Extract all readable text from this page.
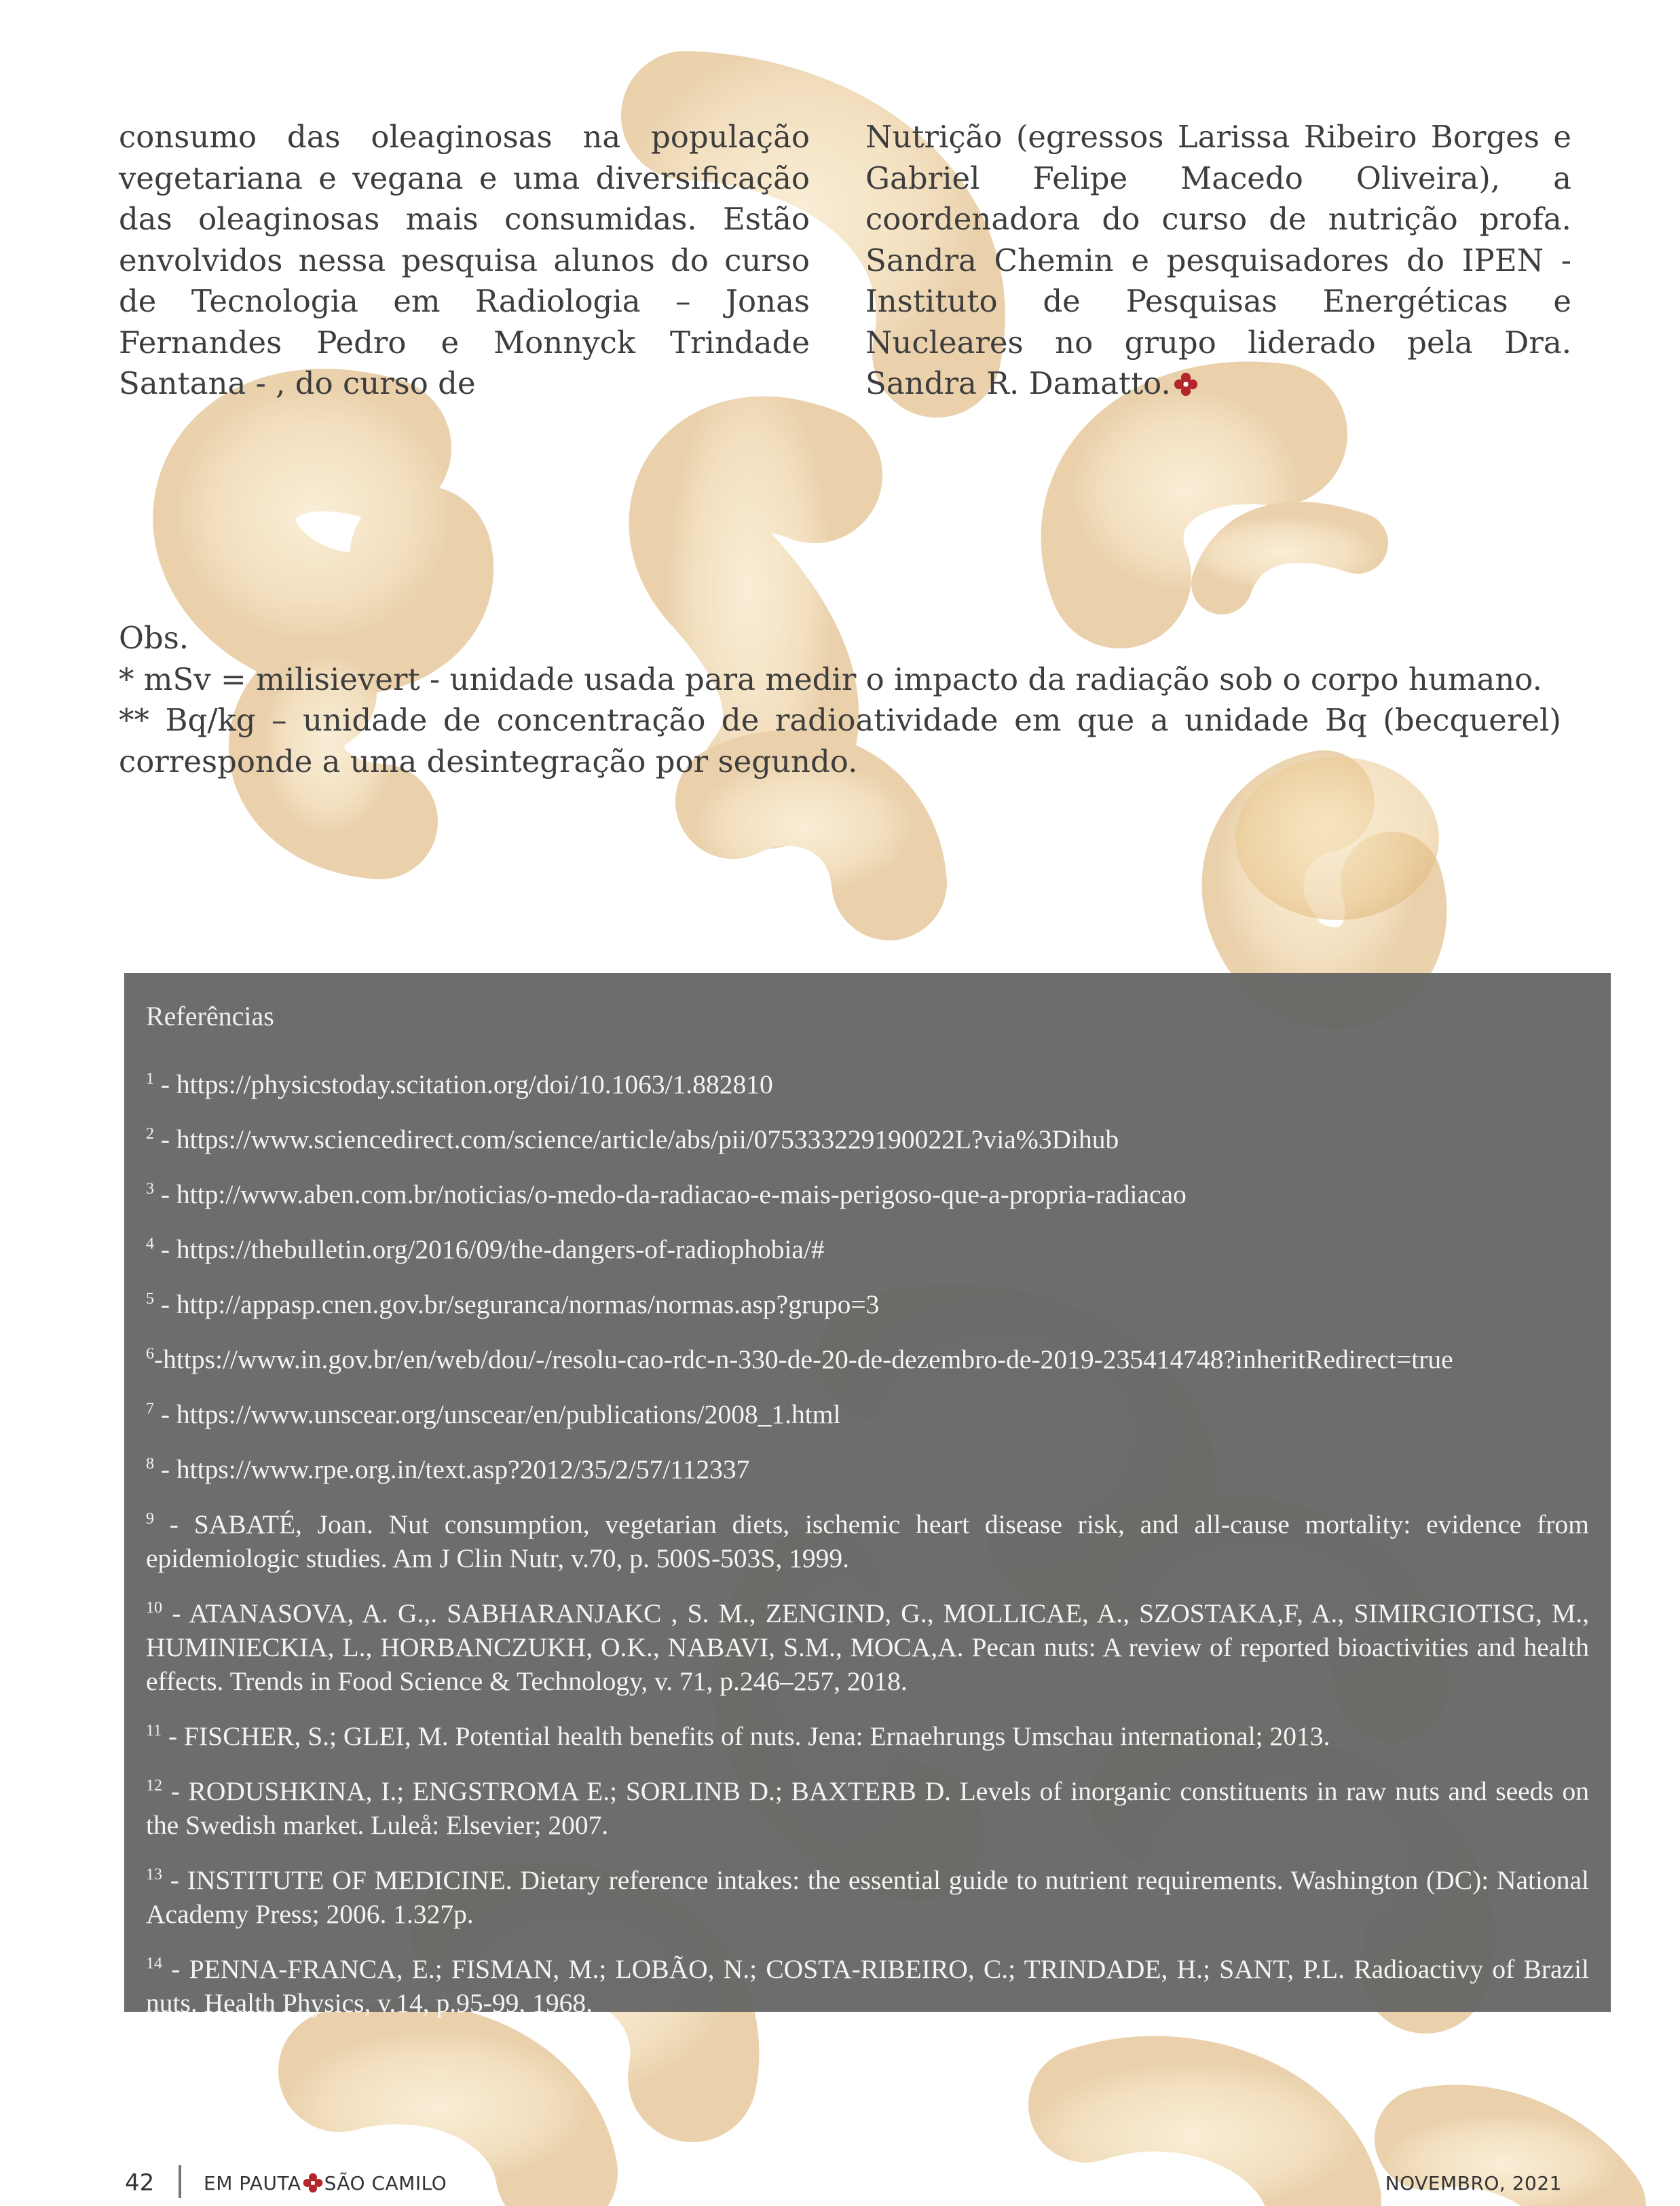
consumo das oleaginosas na população vegetariana e vegana e uma diversificação das oleaginosas mais consumidas. Estão envolvidos nessa pesquisa alunos do curso de Tecnologia em Radiologia – Jonas Fernandes Pedro e Monnyck Trindade Santana - , do curso de
Nutrição (egressos Larissa Ribeiro Borges e Gabriel Felipe Macedo Oliveira), a coordenadora do curso de nutrição profa. Sandra Chemin e pesquisadores do IPEN - Instituto de Pesquisas Energéticas e Nucleares no grupo liderado pela Dra. Sandra R. Damatto.

Obs.

* mSv = milisievert - unidade usada para medir o impacto da radiação sob o corpo humano.

** Bq/kg – unidade de concentração de radioatividade em que a unidade Bq (becquerel) corresponde a uma desintegração por segundo.

Referências

$^1$ - https://physicstoday.scitation.org/doi/10.1063/1.882810

$^2$ - https://www.sciencedirect.com/science/article/abs/pii/075333229190022L?via%3Dihub

$^3$ - http://www.aben.com.br/noticias/o-medo-da-radiacao-e-mais-perigoso-que-a-propria-radiacao

$^4$ - https://thebulletin.org/2016/09/the-dangers-of-radiophobia/#

$^5$ - http://appasp.cnen.gov.br/seguranca/normas/normas.asp?grupo=3

$^6$-https://www.in.gov.br/en/web/dou/-/resolu-cao-rdc-n-330-de-20-de-dezembro-de-2019-235414748?inheritRedirect=true

$^7$ - https://www.unscear.org/unscear/en/publications/2008_1.html

$^8$ - https://www.rpe.org.in/text.asp?2012/35/2/57/112337

$^9$ - SABATÉ, Joan. Nut consumption, vegetarian diets, ischemic heart disease risk, and all-cause mortality: evidence from epidemiologic studies. Am J Clin Nutr, v.70, p. 500S-503S, 1999.

$^{10}$ - ATANASOVA, A. G.,. SABHARANJAKC , S. M., ZENGIND, G., MOLLICAE, A., SZOSTAKA,F, A., SIMIRGIOTISG, M., HUMINIECKIA, L., HORBANCZUKH, O.K., NABAVI, S.M., MOCA,A. Pecan nuts: A review of reported bioactivities and health effects. Trends in Food Science & Technology, v. 71, p.246–257, 2018.

$^{11}$ - FISCHER, S.; GLEI, M. Potential health benefits of nuts. Jena: Ernaehrungs Umschau international; 2013.

$^{12}$ - RODUSHKINA, I.; ENGSTROMA E.; SORLINB D.; BAXTERB D. Levels of inorganic constituents in raw nuts and seeds on the Swedish market. Luleå: Elsevier; 2007.

$^{13}$ - INSTITUTE OF MEDICINE. Dietary reference intakes: the essential guide to nutrient requirements. Washington (DC): National Academy Press; 2006. 1.327p.

$^{14}$ - PENNA-FRANCA, E.; FISMAN, M.; LOBÃO, N.; COSTA-RIBEIRO, C.; TRINDADE, H.; SANT, P.L. Radioactivy of Brazil nuts. Health Physics, v.14, p.95-99, 1968.

42	EM PAUTA SÃO CAMILO	NOVEMBRO, 2021
